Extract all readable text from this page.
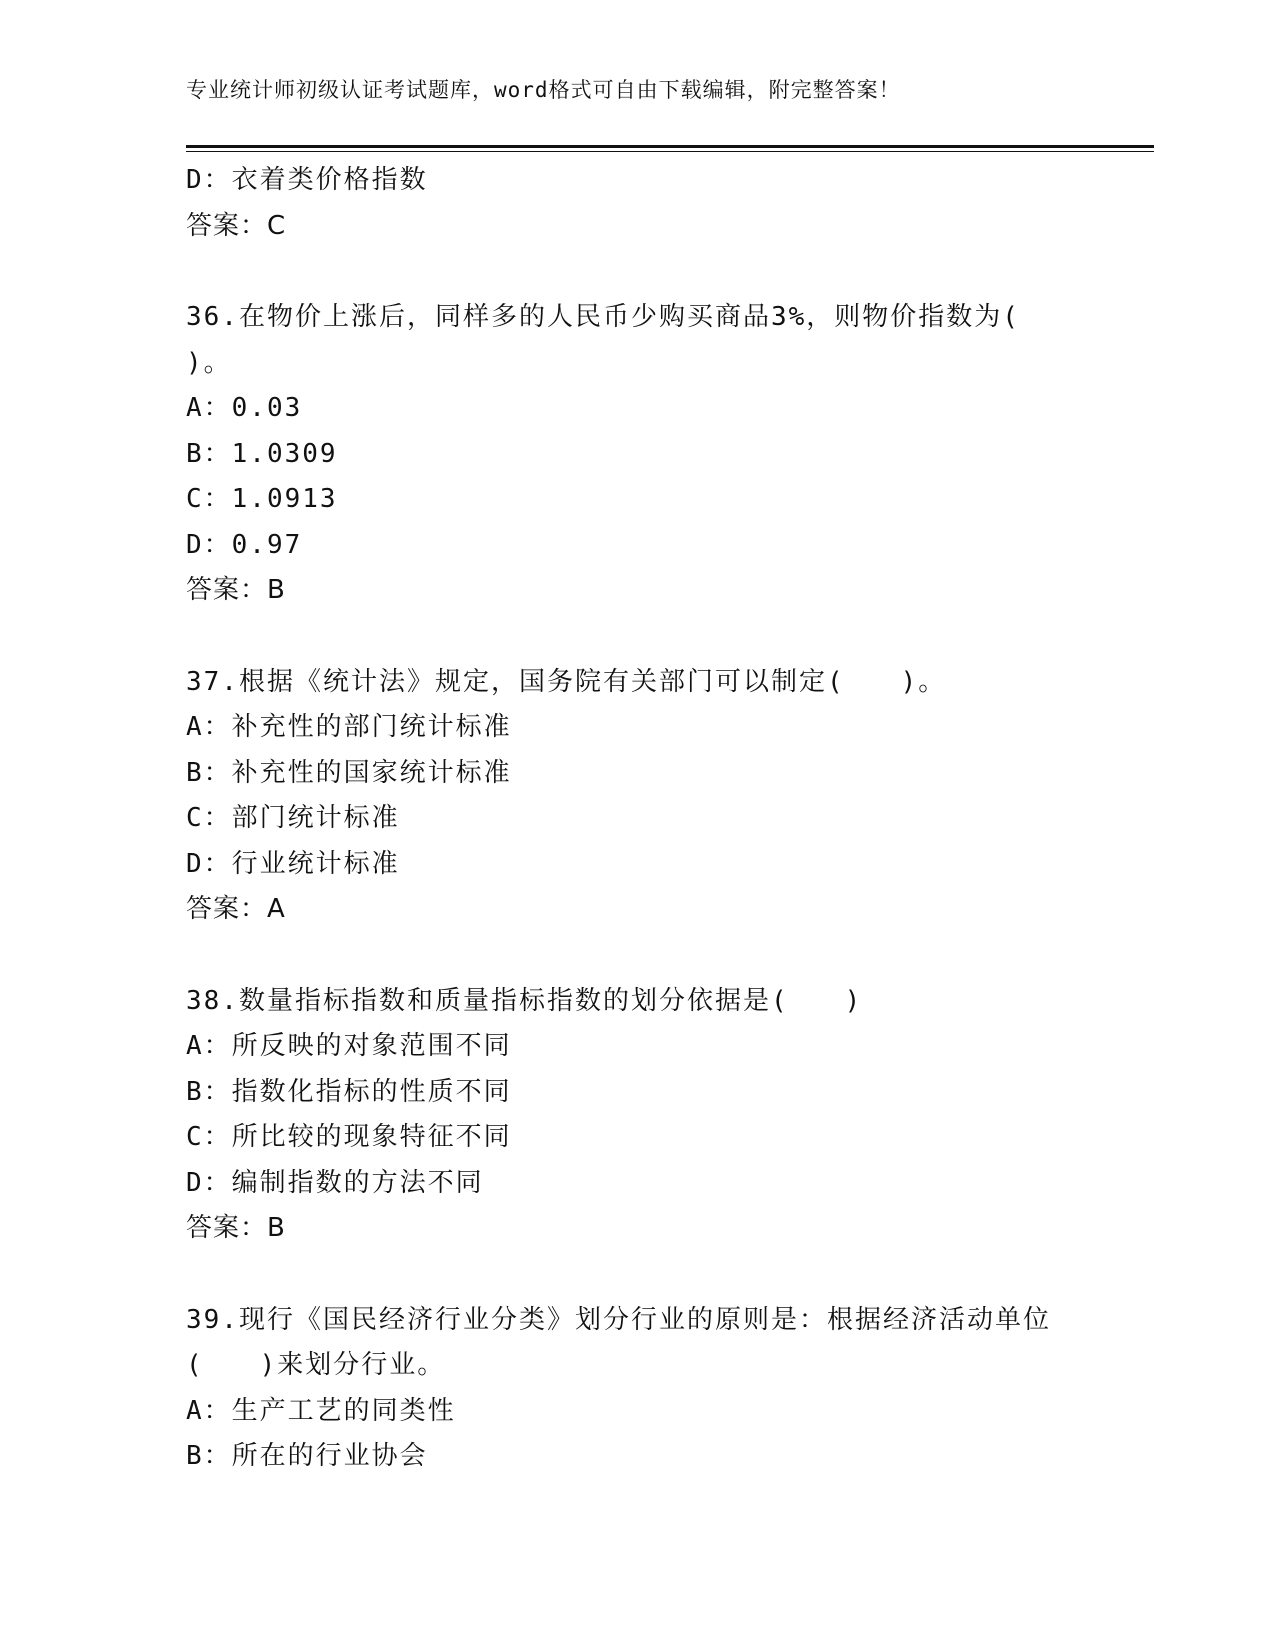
专业统计师初级认证考试题库，word格式可自由下载编辑，附完整答案！
D：衣着类价格指数
答案：C
36.在物价上涨后，同样多的人民币少购买商品3%，则物价指数为(
)。
A：0.03
B：1.0309
C：1.0913
D：0.97
答案：B
37.根据《统计法》规定，国务院有关部门可以制定(　　)。
A：补充性的部门统计标准
B：补充性的国家统计标准
C：部门统计标准
D：行业统计标准
答案：A
38.数量指标指数和质量指标指数的划分依据是(　　)
A：所反映的对象范围不同
B：指数化指标的性质不同
C：所比较的现象特征不同
D：编制指数的方法不同
答案：B
39.现行《国民经济行业分类》划分行业的原则是：根据经济活动单位
(　　)来划分行业。
A：生产工艺的同类性
B：所在的行业协会
